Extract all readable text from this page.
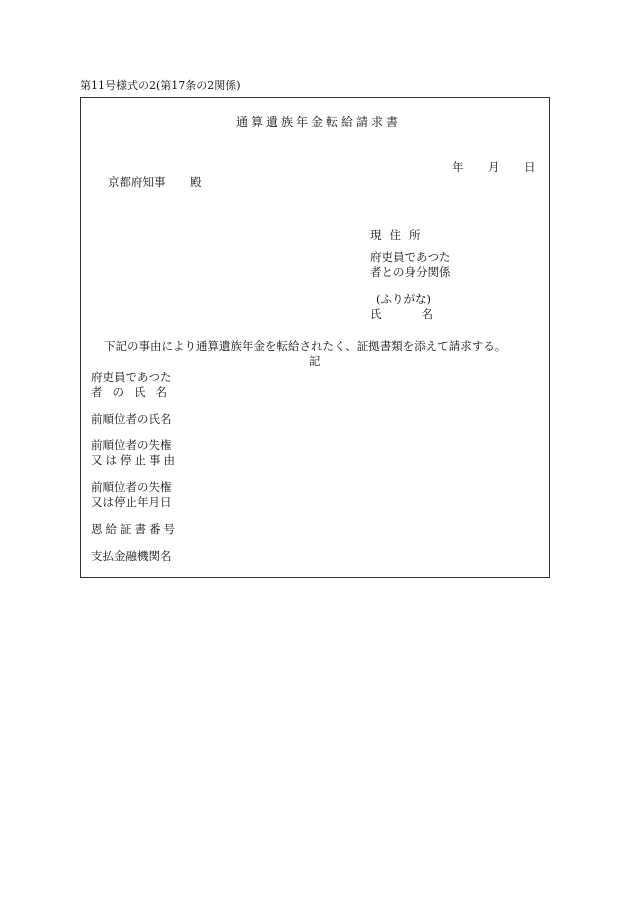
第11号様式の2(第17条の2関係)
通算遺族年金転給請求書
年 月 日
京都府知事 殿
現住所
府吏員であつた
者との身分関係
(ふりがな)
氏名
下記の事由により通算遺族年金を転給されたく、証拠書類を添えて請求する。
記
府吏員であつた
者の氏名
前順位者の氏名
前順位者の失権
又は停止事由
前順位者の失権
又は停止年月日
恩給証書番号
支払金融機関名
